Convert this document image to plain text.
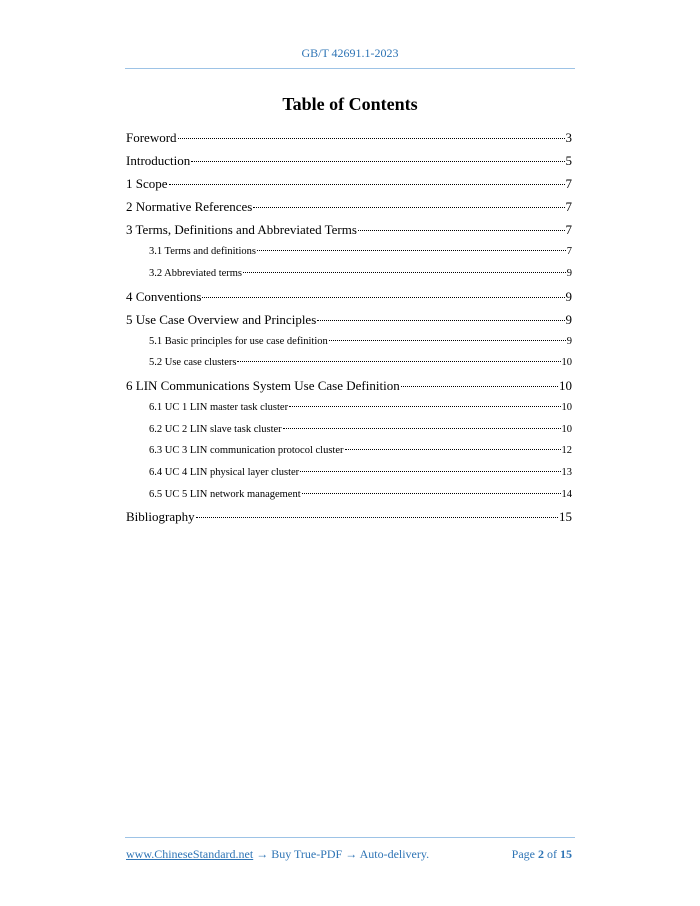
GB/T 42691.1-2023
Table of Contents
Foreword	3
Introduction	5
1 Scope	7
2 Normative References	7
3 Terms, Definitions and Abbreviated Terms	7
3.1 Terms and definitions	7
3.2 Abbreviated terms	9
4 Conventions	9
5 Use Case Overview and Principles	9
5.1 Basic principles for use case definition	9
5.2 Use case clusters	10
6 LIN Communications System Use Case Definition	10
6.1 UC 1 LIN master task cluster	10
6.2 UC 2 LIN slave task cluster	10
6.3 UC 3 LIN communication protocol cluster	12
6.4 UC 4 LIN physical layer cluster	13
6.5 UC 5 LIN network management	14
Bibliography	15
www.ChineseStandard.net → Buy True-PDF → Auto-delivery.	Page 2 of 15
